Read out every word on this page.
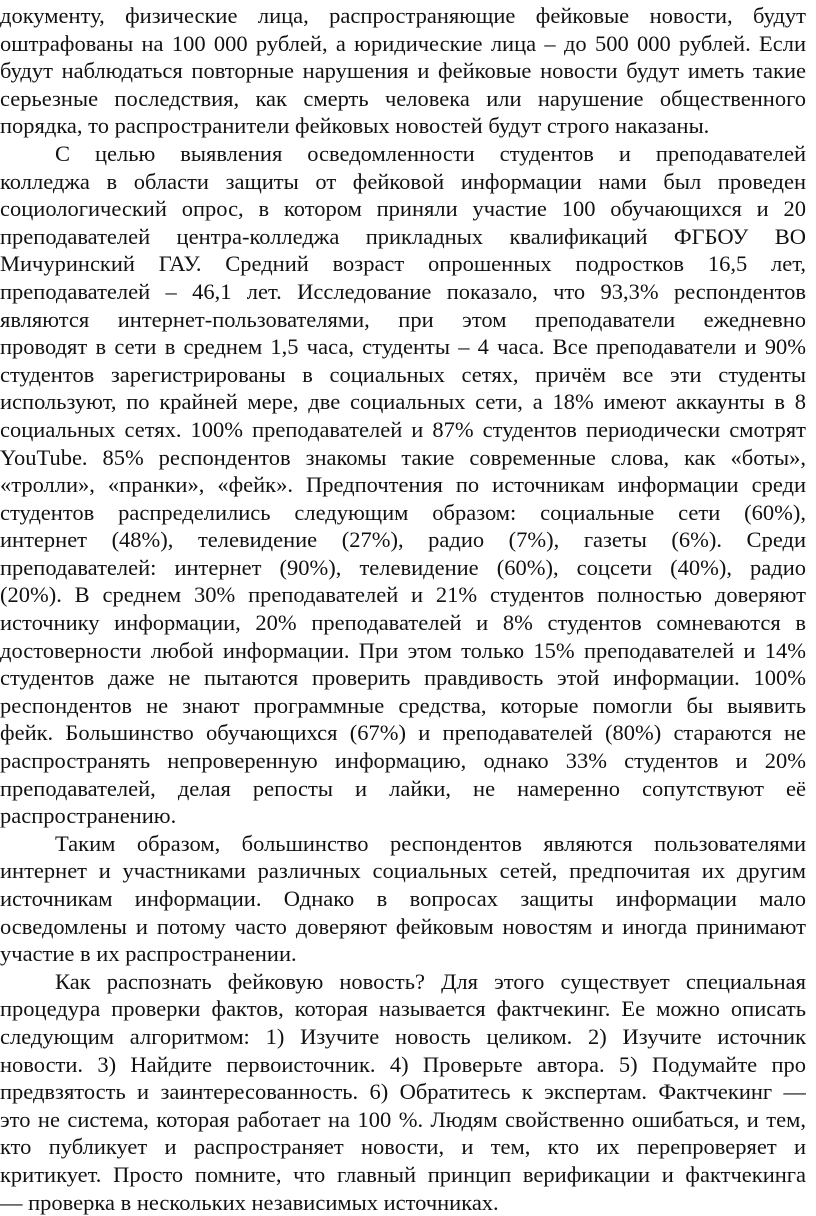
документу, физические лица, распространяющие фейковые новости, будут
оштрафованы на 100 000 рублей, а юридические лица – до 500 000 рублей. Если
будут наблюдаться повторные нарушения и фейковые новости будут иметь такие
серьезные последствия, как смерть человека или нарушение общественного
порядка, то распространители фейковых новостей будут строго наказаны.
С целью выявления осведомленности студентов и преподавателей
колледжа в области защиты от фейковой информации нами был проведен
социологический опрос, в котором приняли участие 100 обучающихся и 20
преподавателей центра-колледжа прикладных квалификаций ФГБОУ ВО
Мичуринский ГАУ. Средний возраст опрошенных подростков 16,5 лет,
преподавателей – 46,1 лет. Исследование показало, что 93,3% респондентов
являются интернет-пользователями, при этом преподаватели ежедневно
проводят в сети в среднем 1,5 часа, студенты – 4 часа. Все преподаватели и 90%
студентов зарегистрированы в социальных сетях, причём все эти студенты
используют, по крайней мере, две социальных сети, а 18% имеют аккаунты в 8
социальных сетях. 100% преподавателей и 87% студентов периодически смотрят
YouTube. 85% респондентов знакомы такие современные слова, как «боты»,
«тролли», «пранки», «фейк». Предпочтения по источникам информации среди
студентов распределились следующим образом: социальные сети (60%),
интернет (48%), телевидение (27%), радио (7%), газеты (6%). Среди
преподавателей: интернет (90%), телевидение (60%), соцсети (40%), радио
(20%). В среднем 30% преподавателей и 21% студентов полностью доверяют
источнику информации, 20% преподавателей и 8% студентов сомневаются в
достоверности любой информации. При этом только 15% преподавателей и 14%
студентов даже не пытаются проверить правдивость этой информации. 100%
респондентов не знают программные средства, которые помогли бы выявить
фейк. Большинство обучающихся (67%) и преподавателей (80%) стараются не
распространять непроверенную информацию, однако 33% студентов и 20%
преподавателей, делая репосты и лайки, не намеренно сопутствуют её
распространению.
Таким образом, большинство респондентов являются пользователями
интернет и участниками различных социальных сетей, предпочитая их другим
источникам информации. Однако в вопросах защиты информации мало
осведомлены и потому часто доверяют фейковым новостям и иногда принимают
участие в их распространении.
Как распознать фейковую новость? Для этого существует специальная
процедура проверки фактов, которая называется фактчекинг. Ее можно описать
следующим алгоритмом: 1) Изучите новость целиком. 2) Изучите источник
новости. 3) Найдите первоисточник. 4) Проверьте автора. 5) Подумайте про
предвзятость и заинтересованность. 6) Обратитесь к экспертам. Фактчекинг —
это не система, которая работает на 100 %. Людям свойственно ошибаться, и тем,
кто публикует и распространяет новости, и тем, кто их перепроверяет и
критикует. Просто помните, что главный принцип верификации и фактчекинга
— проверка в нескольких независимых источниках.
